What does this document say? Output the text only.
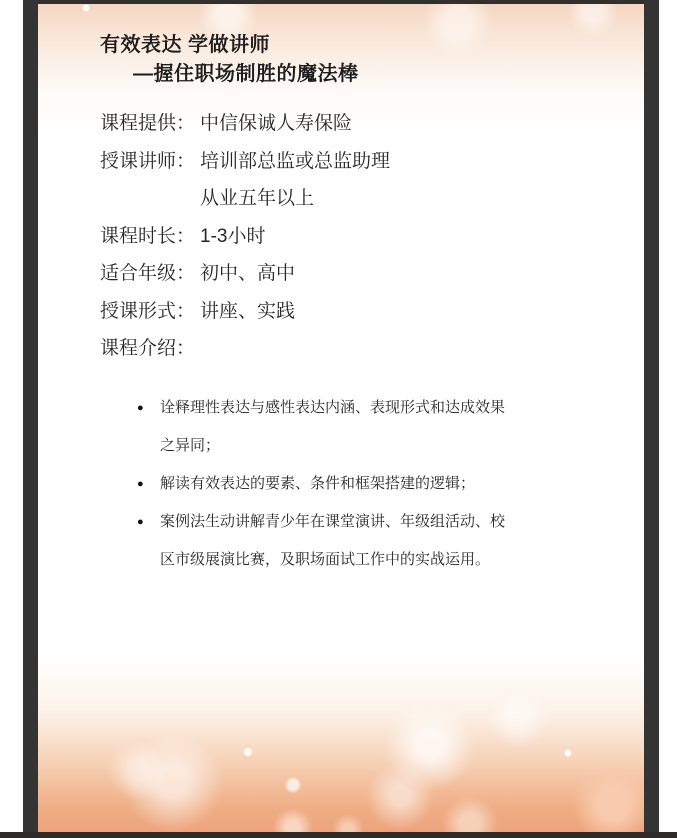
有效表达 学做讲师
—握住职场制胜的魔法棒
课程提供： 中信保诚人寿保险
授课讲师： 培训部总监或总监助理
从业五年以上
课程时长： 1-3小时
适合年级： 初中、高中
授课形式： 讲座、实践
课程介绍：
●	诠释理性表达与感性表达内涵、表现形式和达成效果之异同；
●	解读有效表达的要素、条件和框架搭建的逻辑；
●	案例法生动讲解青少年在课堂演讲、年级组活动、校区市级展演比赛，及职场面试工作中的实战运用。
